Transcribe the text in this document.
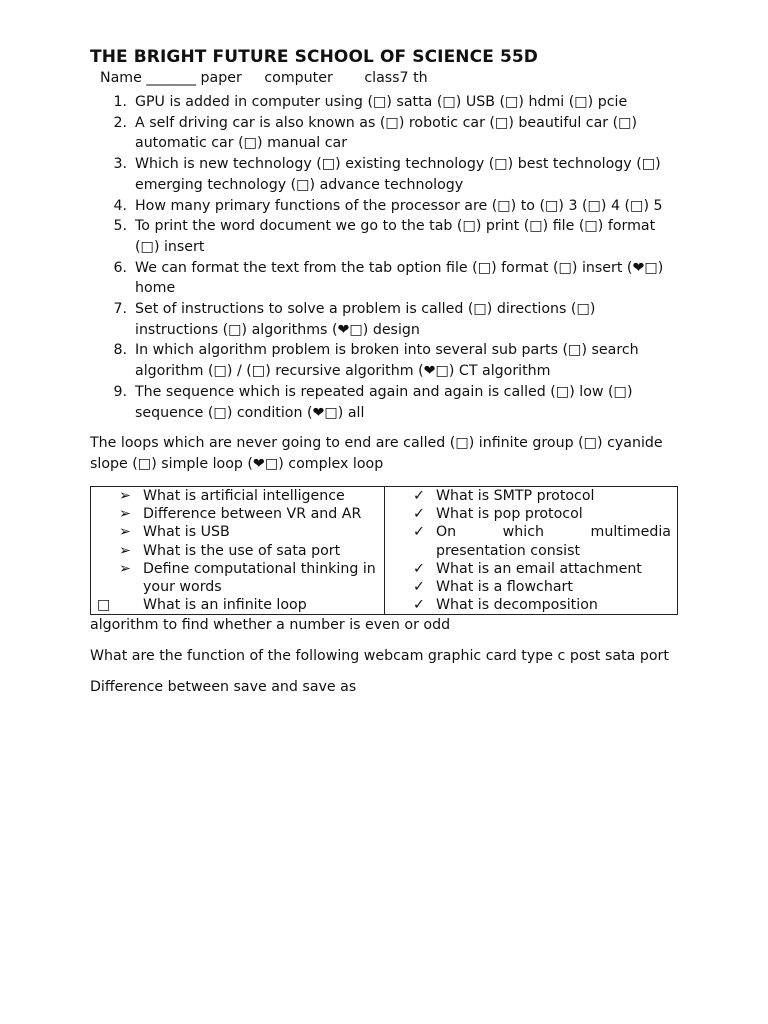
THE BRIGHT FUTURE SCHOOL OF SCIENCE 55D

Name _______ paper     computer       class7 th

1. GPU is added in computer using (□) satta (□) USB (□) hdmi (□) pcie
2. A self driving car is also known as (□) robotic car (□) beautiful car (□) automatic car (□) manual car
3. Which is new technology (□) existing technology (□) best technology (□) emerging technology (□) advance technology
4. How many primary functions of the processor are (□) to (□) 3 (□) 4 (□) 5
5. To print the word document we go to the tab (□) print (□) file (□) format (□) insert
6. We can format the text from the tab option file (□) format (□) insert (❤□) home
7. Set of instructions to solve a problem is called (□) directions (□) instructions (□) algorithms (❤□) design
8. In which algorithm problem is broken into several sub parts (□) search algorithm (□) / (□) recursive algorithm (❤□) CT algorithm
9. The sequence which is repeated again and again is called (□) low (□) sequence (□) condition (❤□) all

The loops which are never going to end are called (□) infinite group (□) cyanide slope (□) simple loop (❤□) complex loop

➢ What is artificial intelligence
➢ Difference between VR and AR
➢ What is USB
➢ What is the use of sata port
➢ Define computational thinking in your words
□ What is an infinite loop

✓ What is SMTP protocol
✓ What is pop protocol
✓ On which multimedia
presentation consist
✓ What is an email attachment
✓ What is a flowchart
✓ What is decomposition

algorithm to find whether a number is even or odd

What are the function of the following webcam graphic card type c post sata port

Difference between save and save as
